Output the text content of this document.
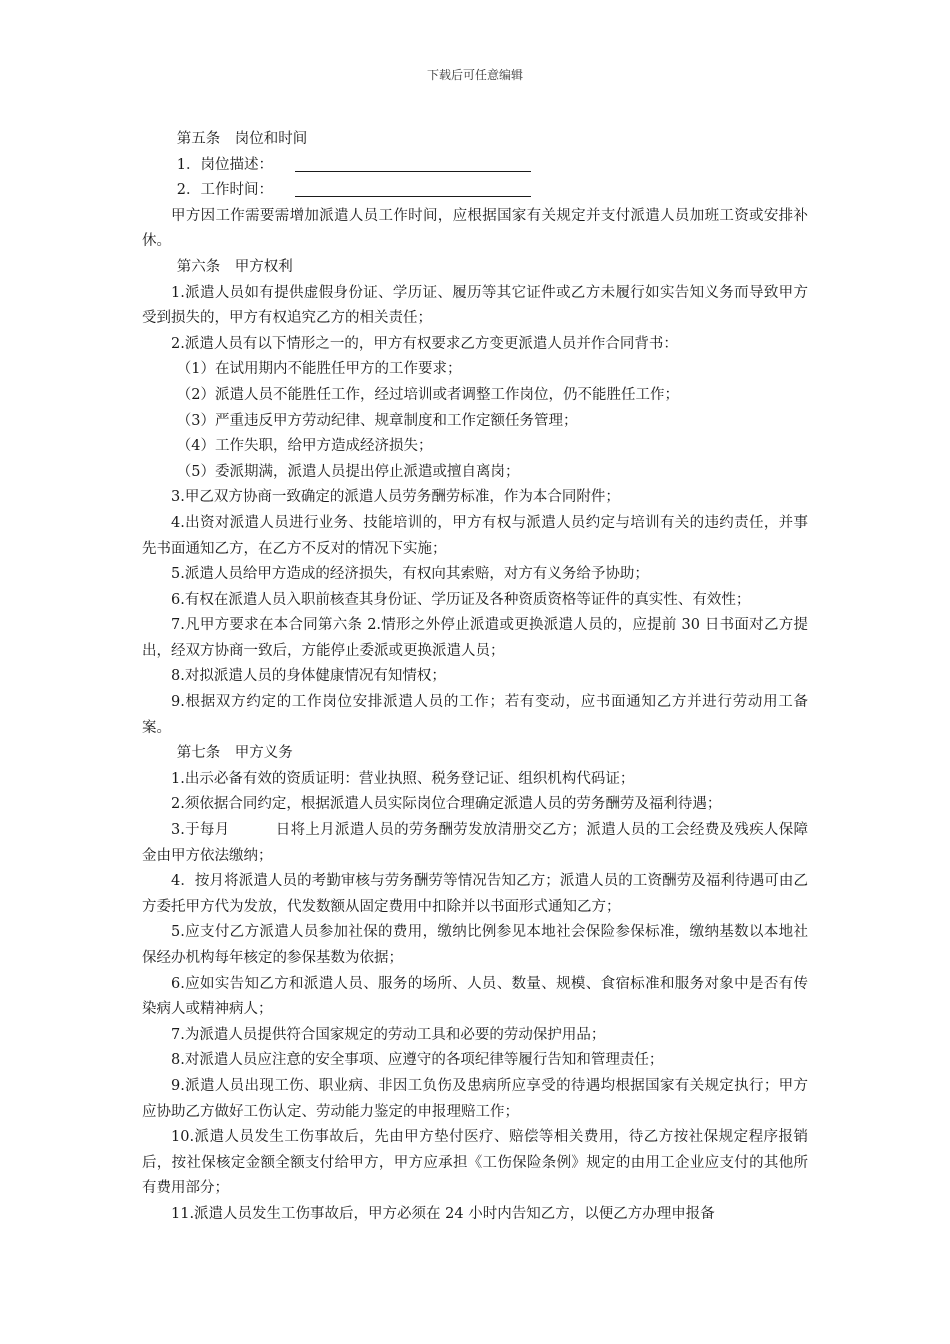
下载后可任意编辑

第五条　岗位和时间

1．岗位描述：

2．工作时间：

甲方因工作需要需增加派遣人员工作时间，应根据国家有关规定并支付派遣人员加班工资或安排补休。

第六条　甲方权利

1.派遣人员如有提供虚假身份证、学历证、履历等其它证件或乙方未履行如实告知义务而导致甲方受到损失的，甲方有权追究乙方的相关责任；

2.派遣人员有以下情形之一的，甲方有权要求乙方变更派遣人员并作合同背书：

（1）在试用期内不能胜任甲方的工作要求；

（2）派遣人员不能胜任工作，经过培训或者调整工作岗位，仍不能胜任工作；

（3）严重违反甲方劳动纪律、规章制度和工作定额任务管理；

（4）工作失职，给甲方造成经济损失；

（5）委派期满，派遣人员提出停止派遣或擅自离岗；

3.甲乙双方协商一致确定的派遣人员劳务酬劳标准，作为本合同附件；

4.出资对派遣人员进行业务、技能培训的，甲方有权与派遣人员约定与培训有关的违约责任，并事先书面通知乙方，在乙方不反对的情况下实施；

5.派遣人员给甲方造成的经济损失，有权向其索赔，对方有义务给予协助；

6.有权在派遣人员入职前核查其身份证、学历证及各种资质资格等证件的真实性、有效性；

7.凡甲方要求在本合同第六条 2.情形之外停止派遣或更换派遣人员的，应提前 30 日书面对乙方提出，经双方协商一致后，方能停止委派或更换派遣人员；

8.对拟派遣人员的身体健康情况有知情权；

9.根据双方约定的工作岗位安排派遣人员的工作；若有变动，应书面通知乙方并进行劳动用工备案。

第七条　甲方义务

1.出示必备有效的资质证明：营业执照、税务登记证、组织机构代码证；

2.须依据合同约定，根据派遣人员实际岗位合理确定派遣人员的劳务酬劳及福利待遇；

3.于每月	日将上月派遣人员的劳务酬劳发放清册交乙方；派遣人员的工会经费及残疾人保障金由甲方依法缴纳；

4．按月将派遣人员的考勤审核与劳务酬劳等情况告知乙方；派遣人员的工资酬劳及福利待遇可由乙方委托甲方代为发放，代发数额从固定费用中扣除并以书面形式通知乙方；

5.应支付乙方派遣人员参加社保的费用，缴纳比例参见本地社会保险参保标准，缴纳基数以本地社保经办机构每年核定的参保基数为依据；

6.应如实告知乙方和派遣人员、服务的场所、人员、数量、规模、食宿标准和服务对象中是否有传染病人或精神病人；

7.为派遣人员提供符合国家规定的劳动工具和必要的劳动保护用品；

8.对派遣人员应注意的安全事项、应遵守的各项纪律等履行告知和管理责任；

9.派遣人员出现工伤、职业病、非因工负伤及患病所应享受的待遇均根据国家有关规定执行；甲方应协助乙方做好工伤认定、劳动能力鉴定的申报理赔工作；

10.派遣人员发生工伤事故后，先由甲方垫付医疗、赔偿等相关费用，待乙方按社保规定程序报销后，按社保核定金额全额支付给甲方，甲方应承担《工伤保险条例》规定的由用工企业应支付的其他所有费用部分；

11.派遣人员发生工伤事故后，甲方必须在 24 小时内告知乙方，以便乙方办理申报备
